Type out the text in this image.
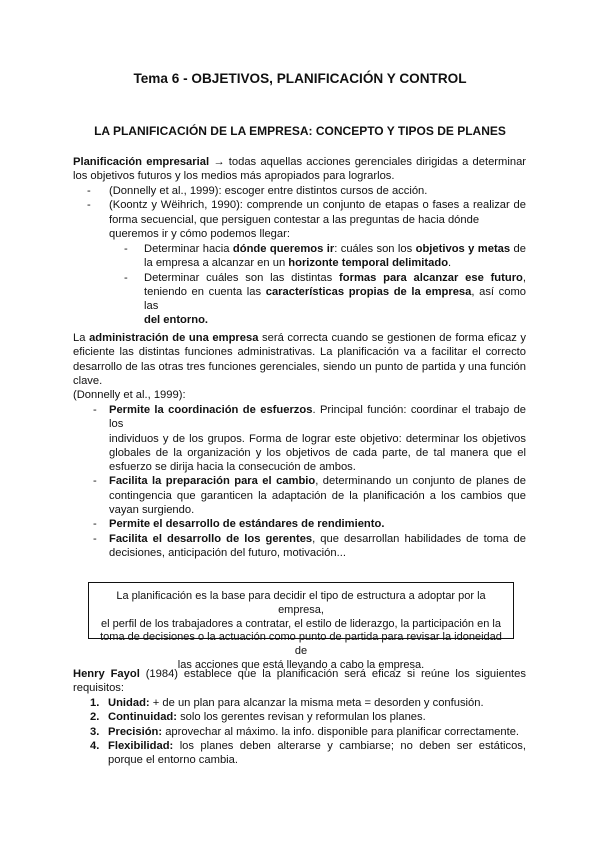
Tema 6 - OBJETIVOS, PLANIFICACIÓN Y CONTROL
LA PLANIFICACIÓN DE LA EMPRESA: CONCEPTO Y TIPOS DE PLANES

Planificación empresarial → todas aquellas acciones gerenciales dirigidas a determinar

los objetivos futuros y los medios más apropiados para lograrlos.

-	(Donnelly et al., 1999): escoger entre distintos cursos de acción.

-	(Koontz y Wëihrich, 1990): comprende un conjunto de etapas o fases a realizar de

forma secuencial, que persiguen contestar a las preguntas de hacia dónde

queremos ir y cómo podemos llegar:

-	Determinar hacia dónde queremos ir: cuáles son los objetivos y metas de

la empresa a alcanzar en un horizonte temporal delimitado.

-	Determinar cuáles son las distintas formas para alcanzar ese futuro,

teniendo en cuenta las características propias de la empresa, así como las

del entorno.

La administración de una empresa será correcta cuando se gestionen de forma eficaz y

eficiente las distintas funciones administrativas. La planificación va a facilitar el correcto

desarrollo de las otras tres funciones gerenciales, siendo un punto de partida y una función

clave.

(Donnelly et al., 1999):

-	Permite la coordinación de esfuerzos. Principal función: coordinar el trabajo de los

individuos y de los grupos. Forma de lograr este objetivo: determinar los objetivos

globales de la organización y los objetivos de cada parte, de tal manera que el

esfuerzo se dirija hacia la consecución de ambos.

-	Facilita la preparación para el cambio, determinando un conjunto de planes de

contingencia que garanticen la adaptación de la planificación a los cambios que

vayan surgiendo.

-	Permite el desarrollo de estándares de rendimiento.

-	Facilita el desarrollo de los gerentes, que desarrollan habilidades de toma de

decisiones, anticipación del futuro, motivación...

La planificación es la base para decidir el tipo de estructura a adoptar por la empresa,
el perfil de los trabajadores a contratar, el estilo de liderazgo, la participación en la
toma de decisiones o la actuación como punto de partida para revisar la idoneidad de
las acciones que está llevando a cabo la empresa.

Henry Fayol (1984) establece que la planificación será eficaz si reúne los siguientes

requisitos:

1. Unidad: + de un plan para alcanzar la misma meta = desorden y confusión.

2. Continuidad: solo los gerentes revisan y reformulan los planes.

3. Precisión: aprovechar al máximo. la info. disponible para planificar correctamente.

4. Flexibilidad: los planes deben alterarse y cambiarse; no deben ser estáticos,

porque el entorno cambia.
